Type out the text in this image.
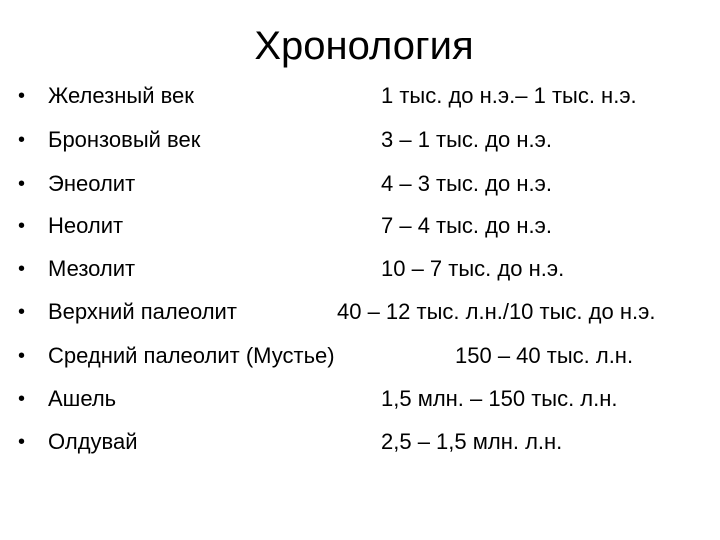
Хронология
• Железный век	1 тыс. до н.э.– 1 тыс. н.э.
• Бронзовый век	3 – 1 тыс. до н.э.
• Энеолит	4 – 3 тыс. до н.э.
• Неолит	7 – 4 тыс. до н.э.
• Мезолит	10 – 7 тыс. до н.э.
• Верхний палеолит	40 – 12 тыс. л.н./10 тыс. до н.э.
• Средний палеолит (Мустье)	150 – 40 тыс. л.н.
• Ашель	1,5 млн. – 150 тыс. л.н.
• Олдувай	2,5 – 1,5 млн. л.н.
